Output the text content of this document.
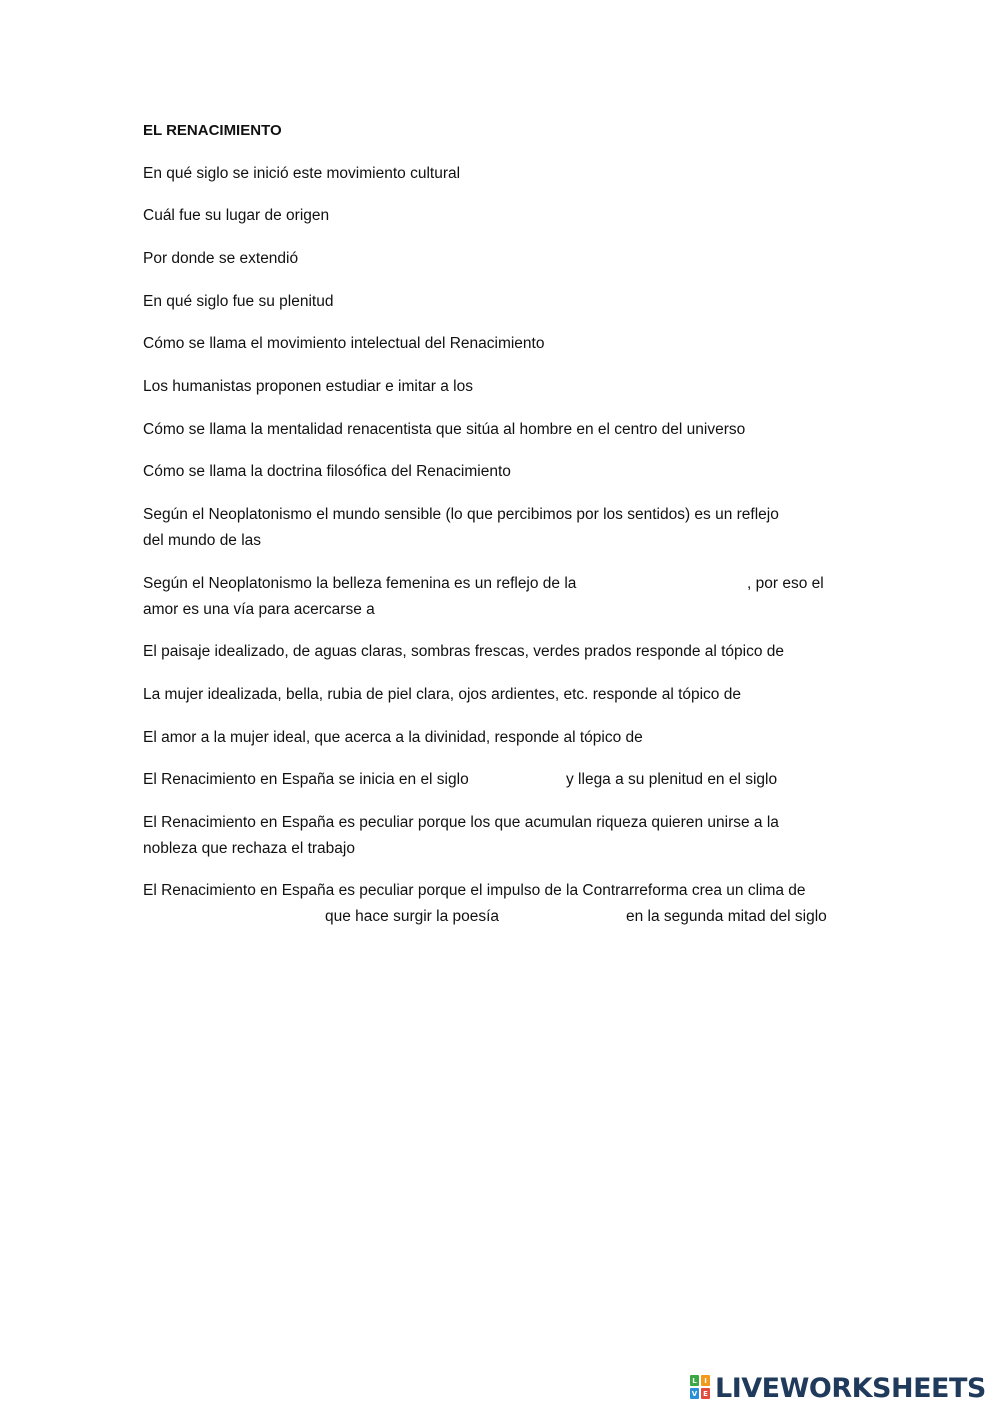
EL RENACIMIENTO
En qué siglo se inició este movimiento cultural
Cuál fue su lugar de origen
Por donde se extendió
En qué siglo fue su plenitud
Cómo se llama el movimiento intelectual del Renacimiento
Los humanistas proponen estudiar e imitar a los
Cómo se llama la mentalidad renacentista que sitúa al hombre en el centro del universo
Cómo se llama la doctrina filosófica del Renacimiento
Según el Neoplatonismo el mundo sensible (lo que percibimos por los sentidos) es un reflejo
del mundo de las
Según el Neoplatonismo la belleza femenina es un reflejo de la	, por eso el
amor es una vía para acercarse a
El paisaje idealizado, de aguas claras, sombras frescas, verdes prados responde al tópico de
La mujer idealizada, bella, rubia de piel clara, ojos ardientes, etc. responde al tópico de
El amor a la mujer ideal, que acerca a la divinidad, responde al tópico de
El Renacimiento en España se inicia en el siglo	y llega a su plenitud en el siglo
El Renacimiento en España es peculiar porque los que acumulan riqueza quieren unirse a la
nobleza que rechaza el trabajo
El Renacimiento en España es peculiar porque el impulso de la Contrarreforma crea un clima de
que hace surgir la poesía	en la segunda mitad del siglo
L	I
V E LIVEWORKSHEETS
